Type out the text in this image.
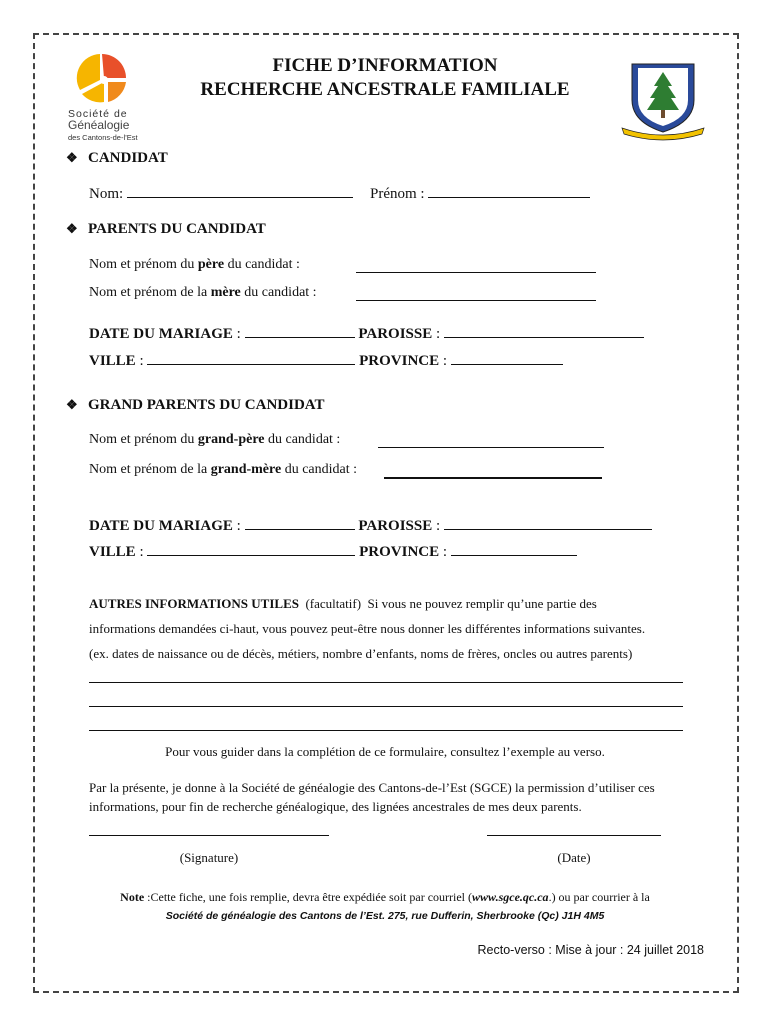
Société de
Généalogie
des Cantons-de-l’Est
FICHE D’INFORMATION
RECHERCHE ANCESTRALE FAMILIALE
❖ CANDIDAT
Nom:	Prénom :
❖ PARENTS DU CANDIDAT
Nom et prénom du père du candidat :
Nom et prénom de la mère du candidat :
DATE DU MARIAGE :	PAROISSE :
VILLE :	PROVINCE :
❖ GRAND PARENTS DU CANDIDAT
Nom et prénom du grand-père du candidat :
Nom et prénom de la grand-mère du candidat :
DATE DU MARIAGE :	PAROISSE :
VILLE :	PROVINCE :
AUTRES INFORMATIONS UTILES (facultatif) Si vous ne pouvez remplir qu’une partie des
informations demandées ci-haut, vous pouvez peut-être nous donner les différentes informations suivantes.
(ex. dates de naissance ou de décès, métiers, nombre d’enfants, noms de frères, oncles ou autres parents)
Pour vous guider dans la complétion de ce formulaire, consultez l’exemple au verso.
Par la présente, je donne à la Société de généalogie des Cantons-de-l’Est (SGCE) la permission d’utiliser ces
informations, pour fin de recherche généalogique, des lignées ancestrales de mes deux parents.
(Signature)	(Date)
Note :Cette fiche, une fois remplie, devra être expédiée soit par courriel (www.sgce.qc.ca.) ou par courrier à la
Société de généalogie des Cantons de l’Est. 275, rue Dufferin, Sherbrooke (Qc) J1H 4M5
Recto-verso : Mise à jour : 24 juillet 2018
